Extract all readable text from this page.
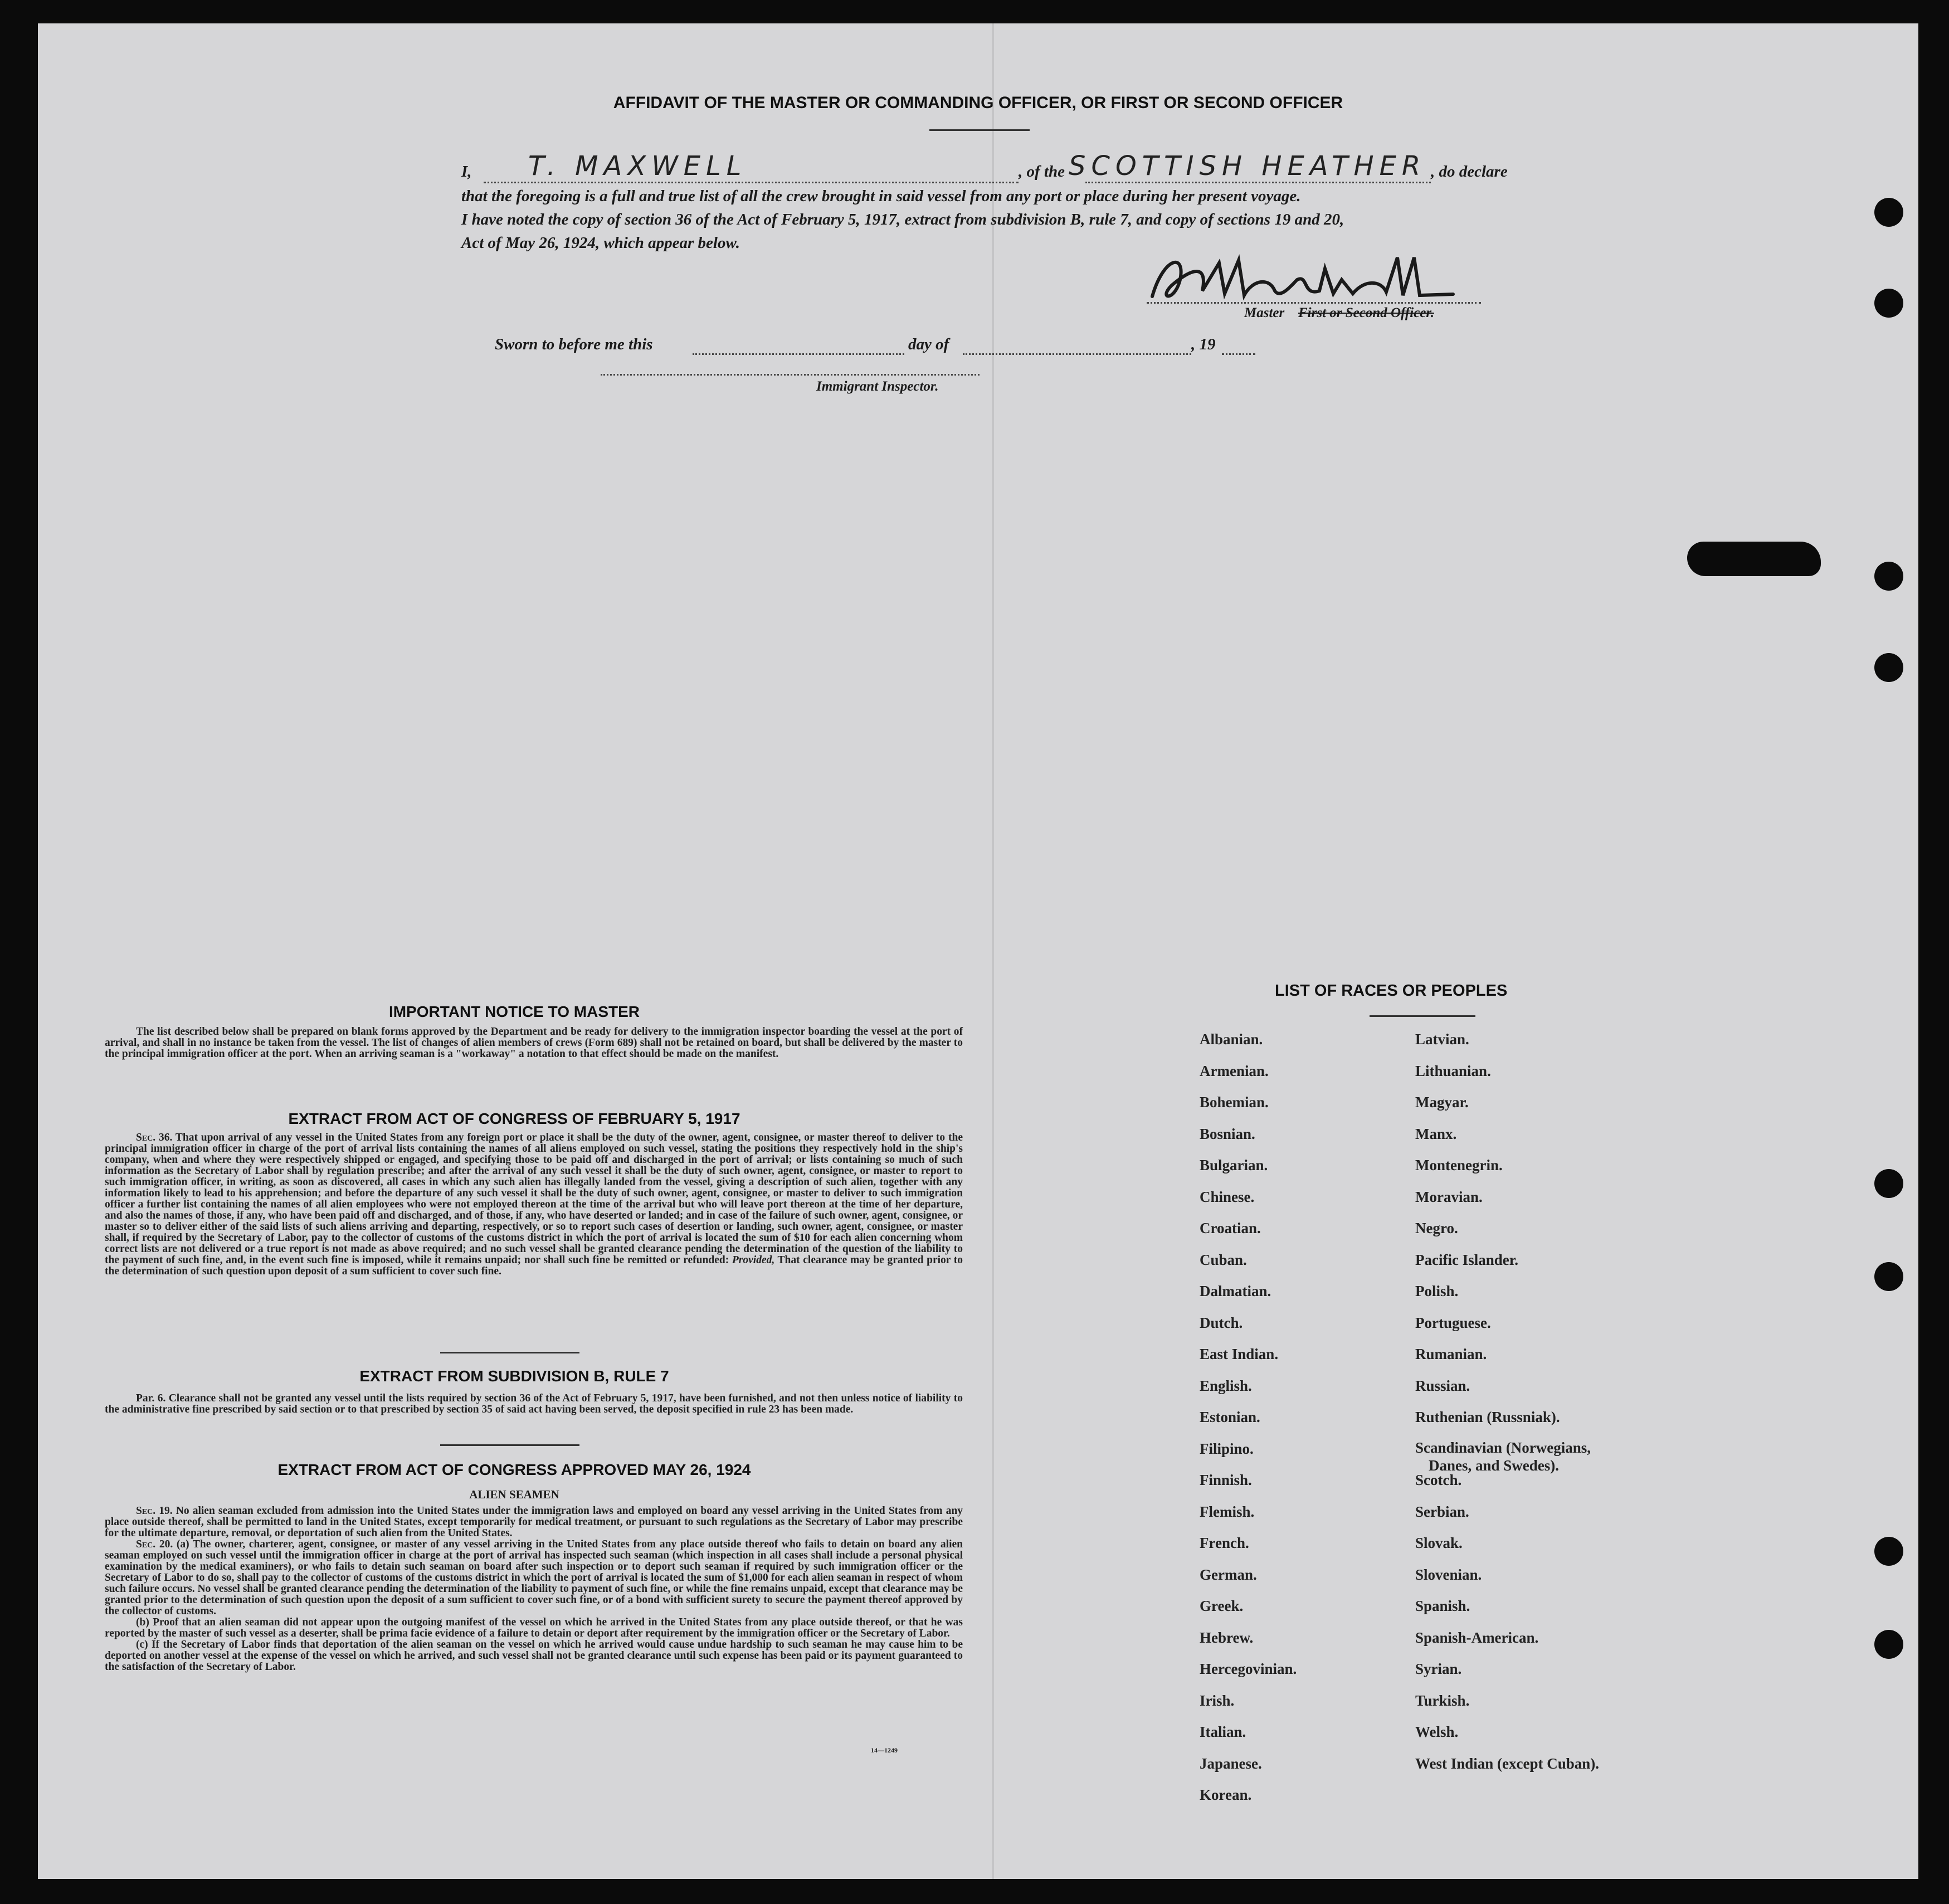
AFFIDAVIT OF THE MASTER OR COMMANDING OFFICER, OR FIRST OR SECOND OFFICER
I, T. MAXWELL	, of the SCOTTISH HEATHER , do declare
that the foregoing is a full and true list of all the crew brought in said vessel from any port or place during her present voyage.
I have noted the copy of section 36 of the Act of February 5, 1917, extract from subdivision B, rule 7, and copy of sections 19 and 20,
Act of May 26, 1924, which appear below.
Master First or Second Officer.
Sworn to before me this	day of	, 19
Immigrant Inspector.
IMPORTANT NOTICE TO MASTER

The list described below shall be prepared on blank forms approved by the Department and be ready for delivery to the immigration inspector boarding the vessel at the port of arrival, and shall in no instance be taken from the vessel. The list of changes of alien members of crews (Form 689) shall not be retained on board, but shall be delivered by the master to the principal immigration officer at the port. When an arriving seaman is a "workaway" a notation to that effect should be made on the manifest.

EXTRACT FROM ACT OF CONGRESS OF FEBRUARY 5, 1917

Sec. 36. That upon arrival of any vessel in the United States from any foreign port or place it shall be the duty of the owner, agent, consignee, or master thereof to deliver to the principal immigration officer in charge of the port of arrival lists containing the names of all aliens employed on such vessel, stating the positions they respectively hold in the ship's company, when and where they were respectively shipped or engaged, and specifying those to be paid off and discharged in the port of arrival; or lists containing so much of such information as the Secretary of Labor shall by regulation prescribe; and after the arrival of any such vessel it shall be the duty of such owner, agent, consignee, or master to report to such immigration officer, in writing, as soon as discovered, all cases in which any such alien has illegally landed from the vessel, giving a description of such alien, together with any information likely to lead to his apprehension; and before the departure of any such vessel it shall be the duty of such owner, agent, consignee, or master to deliver to such immigration officer a further list containing the names of all alien employees who were not employed thereon at the time of the arrival but who will leave port thereon at the time of her departure, and also the names of those, if any, who have been paid off and discharged, and of those, if any, who have deserted or landed; and in case of the failure of such owner, agent, consignee, or master so to deliver either of the said lists of such aliens arriving and departing, respectively, or so to report such cases of desertion or landing, such owner, agent, consignee, or master shall, if required by the Secretary of Labor, pay to the collector of customs of the customs district in which the port of arrival is located the sum of $10 for each alien concerning whom correct lists are not delivered or a true report is not made as above required; and no such vessel shall be granted clearance pending the determination of the question of the liability to the payment of such fine, and, in the event such fine is imposed, while it remains unpaid; nor shall such fine be remitted or refunded: Provided, That clearance may be granted prior to the determination of such question upon deposit of a sum sufficient to cover such fine.

EXTRACT FROM SUBDIVISION B, RULE 7

Par. 6. Clearance shall not be granted any vessel until the lists required by section 36 of the Act of February 5, 1917, have been furnished, and not then unless notice of liability to the administrative fine prescribed by said section or to that prescribed by section 35 of said act having been served, the deposit specified in rule 23 has been made.

EXTRACT FROM ACT OF CONGRESS APPROVED MAY 26, 1924
ALIEN SEAMEN

Sec. 19. No alien seaman excluded from admission into the United States under the immigration laws and employed on board any vessel arriving in the United States from any place outside thereof, shall be permitted to land in the United States, except temporarily for medical treatment, or pursuant to such regulations as the Secretary of Labor may prescribe for the ultimate departure, removal, or deportation of such alien from the United States.

Sec. 20. (a) The owner, charterer, agent, consignee, or master of any vessel arriving in the United States from any place outside thereof who fails to detain on board any alien seaman employed on such vessel until the immigration officer in charge at the port of arrival has inspected such seaman (which inspection in all cases shall include a personal physical examination by the medical examiners), or who fails to detain such seaman on board after such inspection or to deport such seaman if required by such immigration officer or the Secretary of Labor to do so, shall pay to the collector of customs of the customs district in which the port of arrival is located the sum of $1,000 for each alien seaman in respect of whom such failure occurs. No vessel shall be granted clearance pending the determination of the liability to payment of such fine, or while the fine remains unpaid, except that clearance may be granted prior to the determination of such question upon the deposit of a sum sufficient to cover such fine, or of a bond with sufficient surety to secure the payment thereof approved by the collector of customs.

(b) Proof that an alien seaman did not appear upon the outgoing manifest of the vessel on which he arrived in the United States from any place outside thereof, or that he was reported by the master of such vessel as a deserter, shall be prima facie evidence of a failure to detain or deport after requirement by the immigration officer or the Secretary of Labor.

(c) If the Secretary of Labor finds that deportation of the alien seaman on the vessel on which he arrived would cause undue hardship to such seaman he may cause him to be deported on another vessel at the expense of the vessel on which he arrived, and such vessel shall not be granted clearance until such expense has been paid or its payment guaranteed to the satisfaction of the Secretary of Labor.

14—1249
LIST OF RACES OR PEOPLES
Albanian.
Armenian.
Bohemian.
Bosnian.
Bulgarian.
Chinese.
Croatian.
Cuban.
Dalmatian.
Dutch.
East Indian.
English.
Estonian.
Filipino.
Finnish.
Flemish.
French.
German.
Greek.
Hebrew.
Hercegovinian.
Irish.
Italian.
Japanese.
Korean.
Latvian.
Lithuanian.
Magyar.
Manx.
Montenegrin.
Moravian.
Negro.
Pacific Islander.
Polish.
Portuguese.
Rumanian.
Russian.
Ruthenian (Russniak).
Scandinavian (Norwegians,
Danes, and Swedes).
Scotch.
Serbian.
Slovak.
Slovenian.
Spanish.
Spanish-American.
Syrian.
Turkish.
Welsh.
West Indian (except Cuban).
